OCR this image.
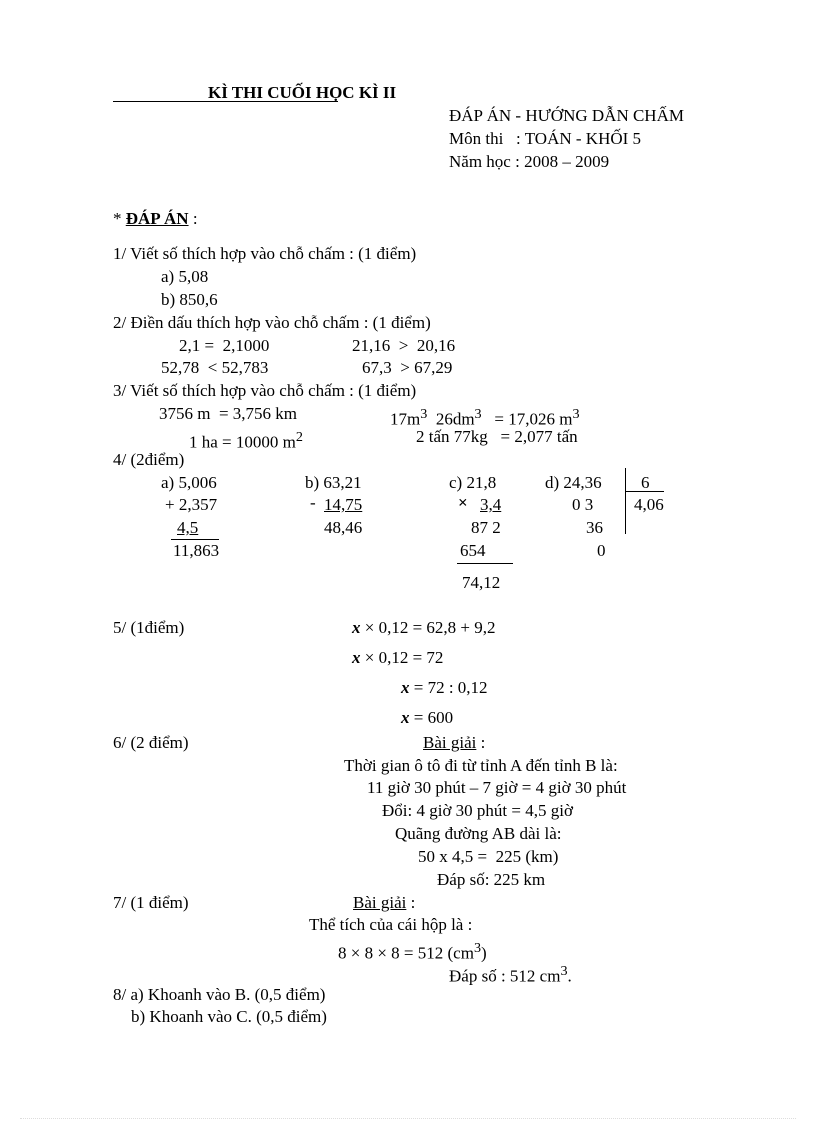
KÌ THI CUỐI HỌC KÌ II
ĐÁP ÁN - HƯỚNG DẪN CHẤM
Môn thi   : TOÁN - KHỐI 5
Năm học : 2008 – 2009
* ĐÁP ÁN :
1/ Viết số thích hợp vào chỗ chấm : (1 điểm)
a) 5,08
b) 850,6
2/ Điền dấu thích hợp vào chỗ chấm : (1 điểm)
2,1 =  2,1000	21,16  >  20,16
52,78  < 52,783	67,3  > 67,29
3/ Viết số thích hợp vào chỗ chấm : (1 điểm)
3756 m  = 3,756 km	$17m^3$  $26dm^3 = 17,026$ $m^3$
1 ha = 10000 $m^2$	2 tấn 77kg   = 2,077 tấn
4/ (2điểm)
a) 5,006
+ 2,357
4,5
11,863
b) 63,21
- 14,75
48,46
c) 21,8
× 3,4
87 2
654
74,12
d) 24,36 6
4,06
0 3
36
0
5/ (1điểm)	x × 0,12 = 62,8 + 9,2
x × 0,12 = 72
x = 72 : 0,12
x = 600
6/ (2 điểm)	Bài giải :
Thời gian ô tô đi từ tỉnh A đến tỉnh B là:
11 giờ 30 phút – 7 giờ = 4 giờ 30 phút
Đổi: 4 giờ 30 phút = 4,5 giờ
Quãng đường AB dài là:
50 x 4,5 =  225 (km)
Đáp số: 225 km
7/ (1 điểm)	Bài giải :
Thể tích của cái hộp là :
8 × 8 × 8 = 512 $(cm^3)$
Đáp số : 512 $cm^3$.
8/ a) Khoanh vào B. (0,5 điểm)
b) Khoanh vào C. (0,5 điểm)
